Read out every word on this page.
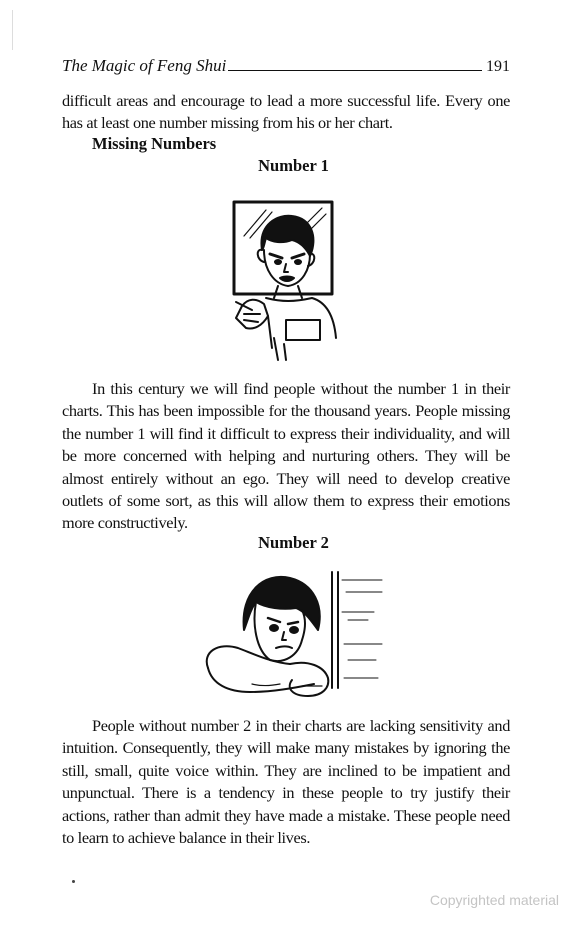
The Magic of Feng Shui	191
difficult areas and encourage to lead a more successful life. Every one has at least one number missing from his or her chart.
Missing Numbers
Number 1
In this century we will find people without the number 1 in their charts. This has been impossible for the thousand years. People missing the number 1 will find it difficult to express their individuality, and will be more concerned with helping and nurturing others. They will be almost entirely without an ego. They will need to develop creative outlets of some sort, as this will allow them to express their emotions more constructively.
Number 2
People without number 2 in their charts are lacking sensitivity and intuition. Consequently, they will make many mistakes by ignoring the still, small, quite voice within. They are inclined to be impatient and unpunctual. There is a tendency in these people to try justify their actions, rather than admit they have made a mistake. These people need to learn to achieve balance in their lives.
Copyrighted material
